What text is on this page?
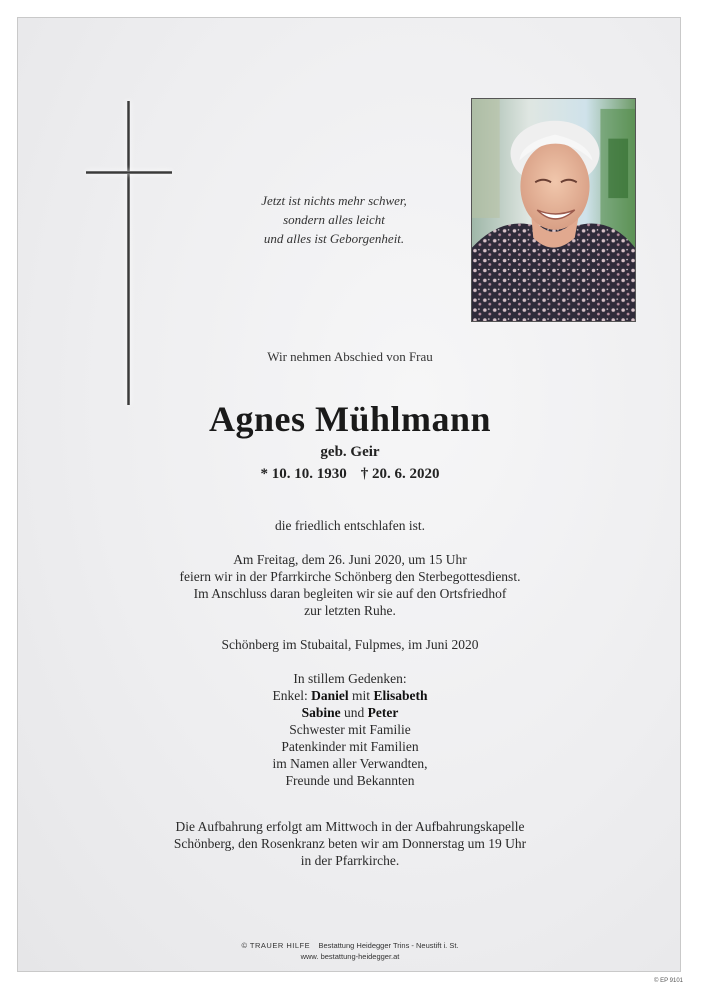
Jetzt ist nichts mehr schwer,
sondern alles leicht
und alles ist Geborgenheit.
Wir nehmen Abschied von Frau
Agnes Mühlmann
geb. Geir
* 10. 10. 1930 † 20. 6. 2020
die friedlich entschlafen ist.
Am Freitag, dem 26. Juni 2020, um 15 Uhr
feiern wir in der Pfarrkirche Schönberg den Sterbegottesdienst.
Im Anschluss daran begleiten wir sie auf den Ortsfriedhof
zur letzten Ruhe.
Schönberg im Stubaital, Fulpmes, im Juni 2020
In stillem Gedenken:
Enkel: Daniel mit Elisabeth
Sabine und Peter
Schwester mit Familie
Patenkinder mit Familien
im Namen aller Verwandten,
Freunde und Bekannten
Die Aufbahrung erfolgt am Mittwoch in der Aufbahrungskapelle
Schönberg, den Rosenkranz beten wir am Donnerstag um 19 Uhr
in der Pfarrkirche.
© TRAUER HILFE Bestattung Heidegger Trins - Neustift i. St.
www. bestattung-heidegger.at
© EP 9101
